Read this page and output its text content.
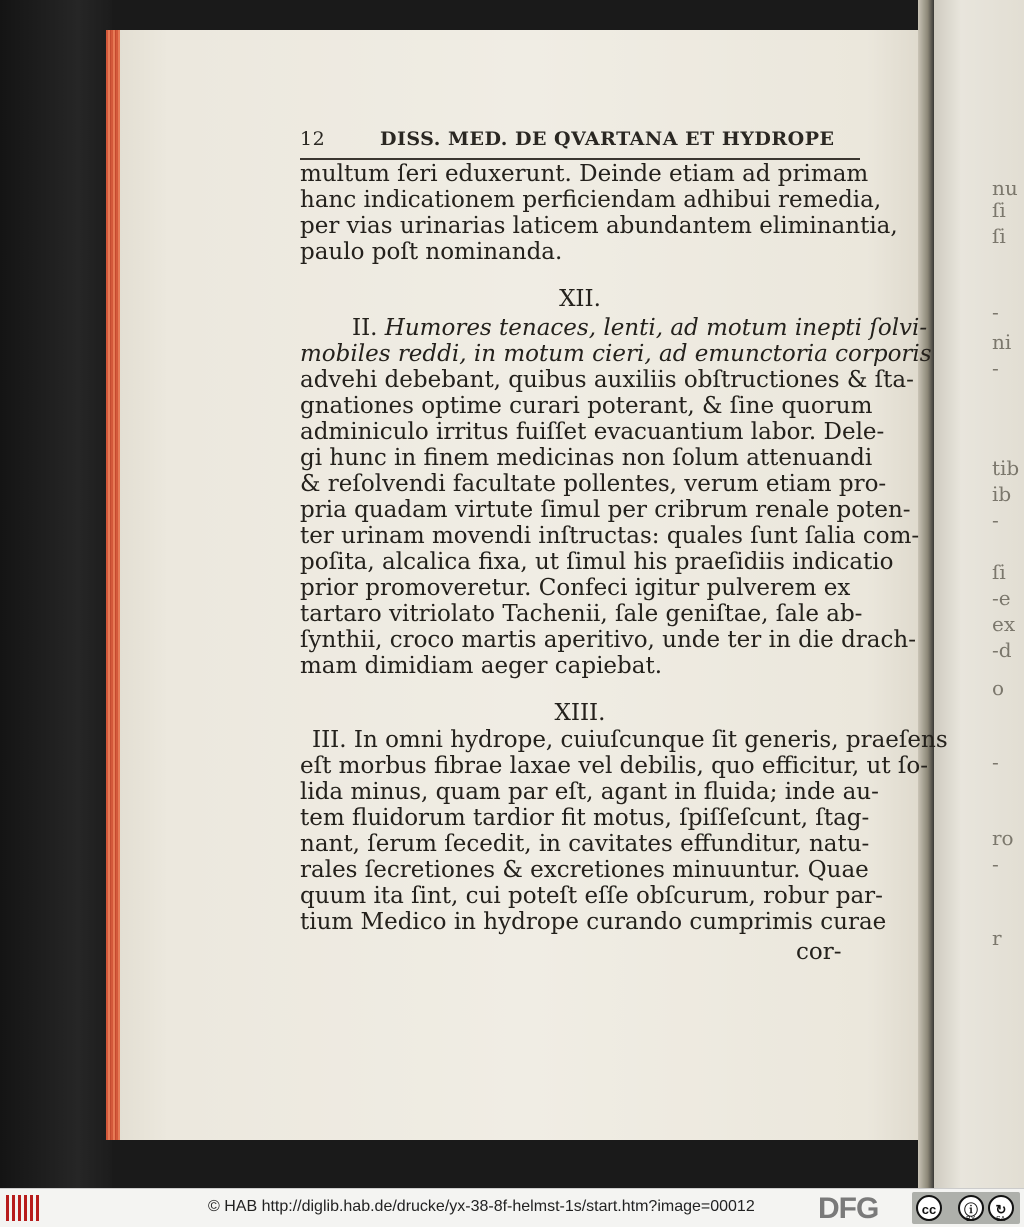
12	DISS. MED. DE QVARTANA ET HYDROPE
multum ſeri eduxerunt. Deinde etiam ad primam
hanc indicationem perficiendam adhibui remedia,
per vias urinarias laticem abundantem eliminantia,
paulo poſt nominanda.
XII.
II. Humores tenaces, lenti, ad motum inepti ſolvi-
mobiles reddi, in motum cieri, ad emunctoria corporis
advehi debebant, quibus auxiliis obſtructiones & ſta-
gnationes optime curari poterant, & ſine quorum
adminiculo irritus fuiſſet evacuantium labor. Dele-
gi hunc in finem medicinas non ſolum attenuandi
& reſolvendi facultate pollentes, verum etiam pro-
pria quadam virtute ſimul per cribrum renale poten-
ter urinam movendi inſtructas: quales ſunt ſalia com-
poſita, alcalica fixa, ut ſimul his praeſidiis indicatio
prior promoveretur. Confeci igitur pulverem ex
tartaro vitriolato Tachenii, ſale geniſtae, ſale ab-
ſynthii, croco martis aperitivo, unde ter in die drach-
mam dimidiam aeger capiebat.
XIII.
III. In omni hydrope, cuiuſcunque ſit generis, praeſens
eſt morbus fibrae laxae vel debilis, quo efficitur, ut ſo-
lida minus, quam par eſt, agant in fluida; inde au-
tem fluidorum tardior fit motus, ſpiſſeſcunt, ſtag-
nant, ſerum ſecedit, in cavitates effunditur, natu-
rales ſecretiones & excretiones minuuntur. Quae
quum ita ſint, cui poteſt eſſe obſcurum, robur par-
tium Medico in hydrope curando cumprimis curae
cor-
nu
ſi
ſi
-
ni
-
tib
ib
-
ſi
-e
ex
-d
o
-
ro
-
r
© HAB http://diglib.hab.de/drucke/yx-38-8f-helmst-1s/start.htm?image=00012 DFG	cc	ⓘ	↻
BY	SA
